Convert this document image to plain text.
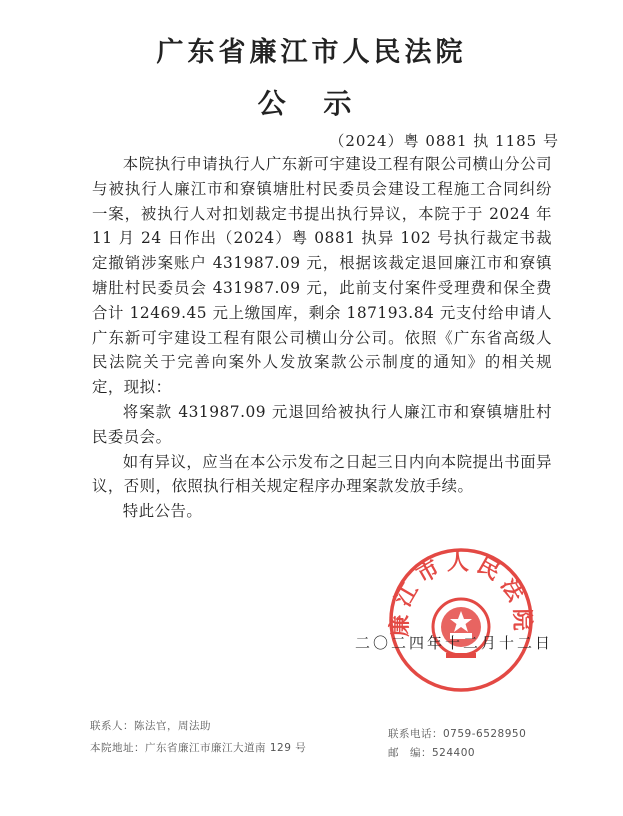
广东省廉江市人民法院
公 示
（2024）粤 0881 执 1185 号

本院执行申请执行人广东新可宇建设工程有限公司横山分公司与被执行人廉江市和寮镇塘肚村民委员会建设工程施工合同纠纷一案，被执行人对扣划裁定书提出执行异议，本院于于 2024 年 11 月 24 日作出（2024）粤 0881 执异 102 号执行裁定书裁定撤销涉案账户 431987.09 元，根据该裁定退回廉江市和寮镇塘肚村民委员会 431987.09 元，此前支付案件受理费和保全费合计 12469.45 元上缴国库，剩余 187193.84 元支付给申请人广东新可宇建设工程有限公司横山分公司。依照《广东省高级人民法院关于完善向案外人发放案款公示制度的通知》的相关规定，现拟：

将案款 431987.09 元退回给被执行人廉江市和寮镇塘肚村民委员会。

如有异议，应当在本公示发布之日起三日内向本院提出书面异议，否则，依照执行相关规定程序办理案款发放手续。

特此公告。

廉江市人民法院
二〇二四年十二月十二日
联系人：陈法官，周法助
本院地址：广东省廉江市廉江大道南 129 号
联系电话：0759-6528950
邮　编：524400
